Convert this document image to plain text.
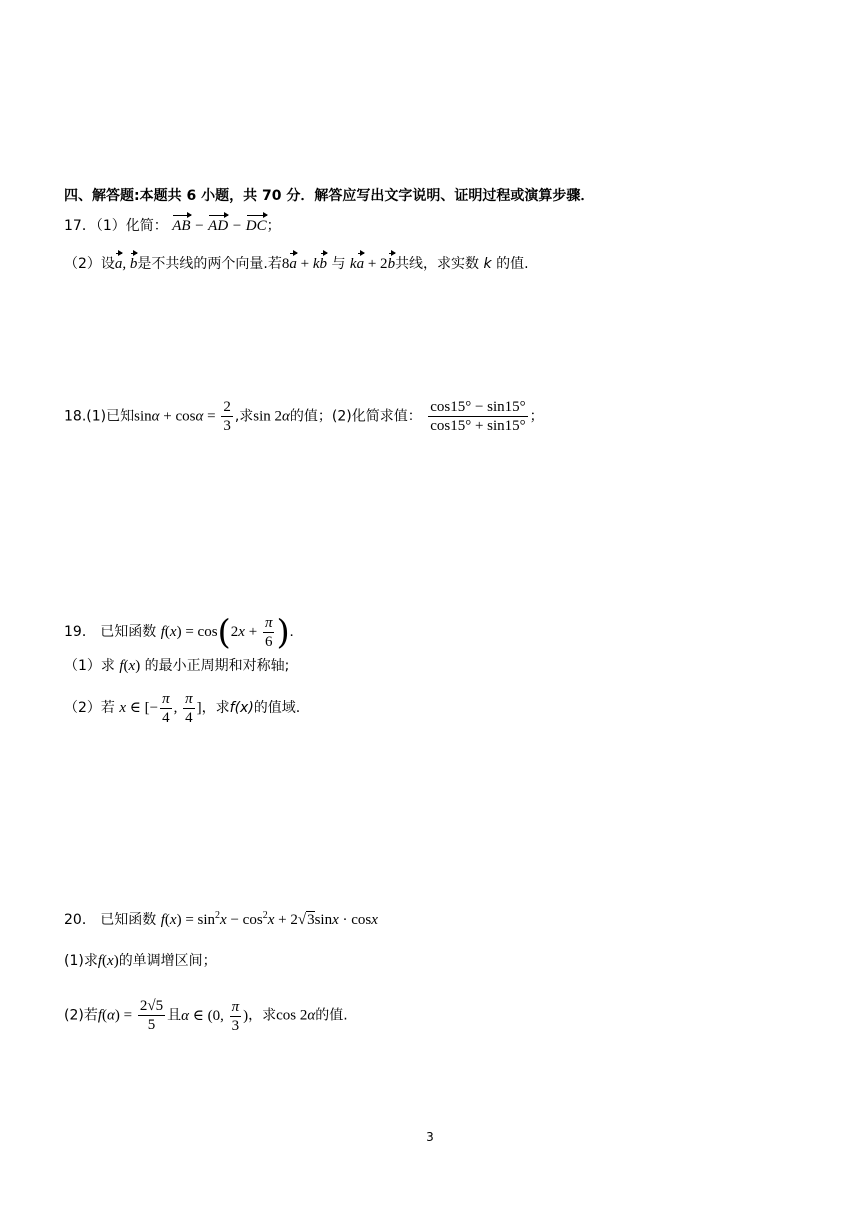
四、解答题:本题共 6 小题，共 70 分．解答应写出文字说明、证明过程或演算步骤．
17．（1）化简： AB − AD − DC；
（2）设a, b是不共线的两个向量.若8a + kb 与 ka + 2b共线，求实数 k 的值.
18.(1)已知$\sin\alpha + \cos\alpha = \frac{2}{3}$ ,求sin 2α的值；(2)化简求值： $\frac{\cos 15^\circ - \sin 15^\circ}{\cos 15^\circ + \sin 15^\circ}$ ；
19． 已知函数 $f(x) = \cos(2x + \frac{\pi}{6}$ ).
（1）求 f(x) 的最小正周期和对称轴;
（2）若 x ∈ [− $\frac{\pi}{4}$ , $\frac{\pi}{4}$ ]，求f(x)的值域.
20． 已知函数 $f(x) = \sin^2x - \cos^2x + 2√3\sin x \cdot \cos x$
(1)求f(x)的单调增区间；
(2)若$f(\alpha) = \frac{2√5}{5}$ 且α ∈ (0, $\frac{\pi}{3}$ )，求cos 2α的值.
3
